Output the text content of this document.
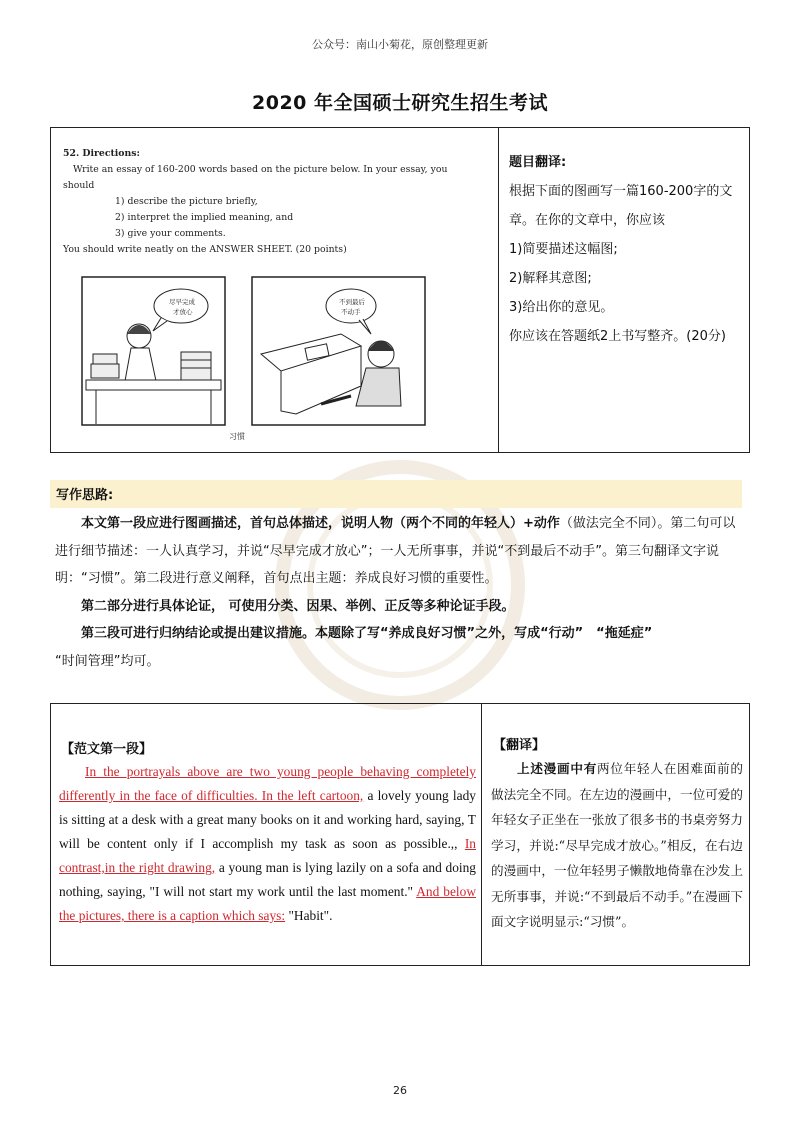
公众号：南山小菊花，原创整理更新
2020 年全国硕士研究生招生考试
52. Directions:
Write an essay of 160-200 words based on the picture below. In your essay, you
should
1) describe the picture briefly,
2) interpret the implied meaning, and
3) give your comments.
You should write neatly on the ANSWER SHEET. (20 points)
尽早完成
才放心
不到最后
不动手
习惯
题目翻译:
根据下面的图画写一篇160-200字的文章。在你的文章中，你应该
1)简要描述这幅图;
2)解释其意图;
3)给出你的意见。
你应该在答题纸2上书写整齐。(20分)
写作思路:

本文第一段应进行图画描述，首句总体描述，说明人物（两个不同的年轻人）+动作（做法完全不同）。第二句可以进行细节描述：一人认真学习，并说“尽早完成才放心”；一人无所事事，并说“不到最后不动手”。第三句翻译文字说明：“习惯”。第二段进行意义阐释，首句点出主题：养成良好习惯的重要性。

第二部分进行具体论证， 可使用分类、因果、举例、正反等多种论证手段。

第三段可进行归纳结论或提出建议措施。本题除了写“养成良好习惯”之外，写成“行动”　“拖延症”
“时间管理”均可。

【范文第一段】
In the portrayals above are two young people behaving completely differently in the face of difficulties. In the left cartoon, a lovely young lady is sitting at a desk with a great many books on it and working hard, saying, T will be content only if I accomplish my task as soon as possible.,, In contrast,in the right drawing, a young man is lying lazily on a sofa and doing nothing, saying, "I will not start my work until the last moment." And below the pictures, there is a caption which says: "Habit".
【翻译】
上述漫画中有两位年轻人在困难面前的做法完全不同。在左边的漫画中，一位可爱的年轻女子正坐在一张放了很多书的书桌旁努力学习，并说:“尽早完成才放心。”相反，在右边的漫画中，一位年轻男子懒散地倚靠在沙发上无所事事，并说:“不到最后不动手。”在漫画下面文字说明显示:“习惯”。
26
